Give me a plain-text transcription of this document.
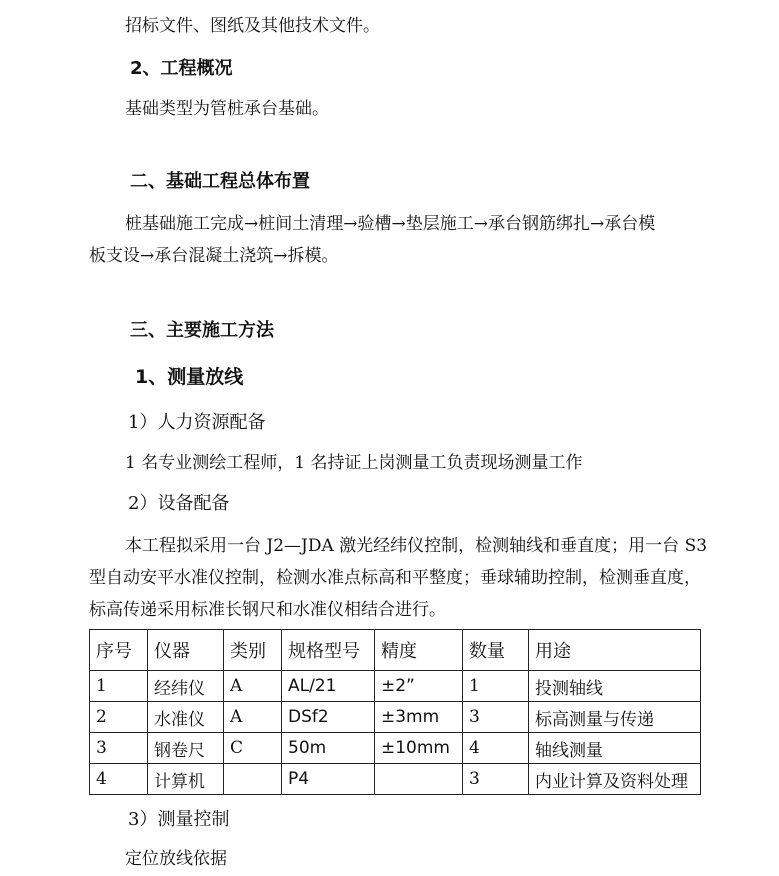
招标文件、图纸及其他技术文件。
2、工程概况
基础类型为管桩承台基础。
二、基础工程总体布置
桩基础施工完成→桩间土清理→验槽→垫层施工→承台钢筋绑扎→承台模
板支设→承台混凝土浇筑→拆模。
三、主要施工方法
1、测量放线
1）人力资源配备
1 名专业测绘工程师，1 名持证上岗测量工负责现场测量工作
2）设备配备
本工程拟采用一台 J2—JDA 激光经纬仪控制，检测轴线和垂直度；用一台 S3
型自动安平水准仪控制，检测水准点标高和平整度；垂球辅助控制，检测垂直度，
标高传递采用标准长钢尺和水准仪相结合进行。
序号	仪器	类别	规格型号	精度	数量	用途
1	经纬仪	A	AL/21	±2”	1	投测轴线
2	水准仪	A	DSf2	±3mm	3	标高测量与传递
3	钢卷尺	C	50m	±10mm	4	轴线测量
4	计算机		P4		3	内业计算及资料处理
3）测量控制
定位放线依据
